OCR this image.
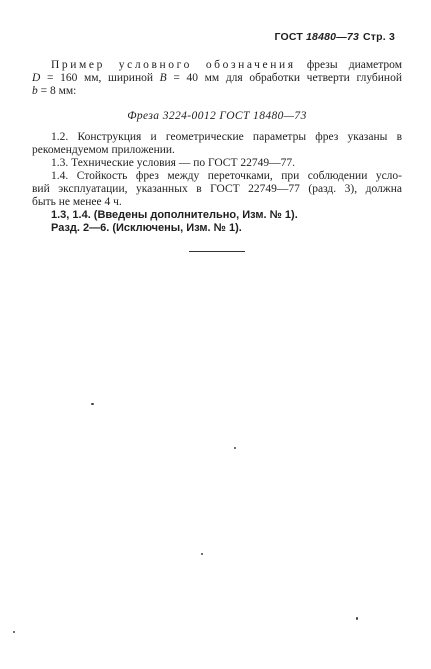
ГОСТ 18480—73 Стр. 3
Пример условного обозначения фрезы диаметром
D = 160 мм, шириной B = 40 мм для обработки четверти глубиной
b = 8 мм:
Фреза 3224-0012 ГОСТ 18480—73
1.2. Конструкция и геометрические параметры фрез указаны в
рекомендуемом приложении.
1.3. Технические условия — по ГОСТ 22749—77.
1.4. Стойкость фрез между переточками, при соблюдении усло-
вий эксплуатации, указанных в ГОСТ 22749—77 (разд. 3), должна
быть не менее 4 ч.
1.3, 1.4. (Введены дополнительно, Изм. № 1).
Разд. 2—6. (Исключены, Изм. № 1).
